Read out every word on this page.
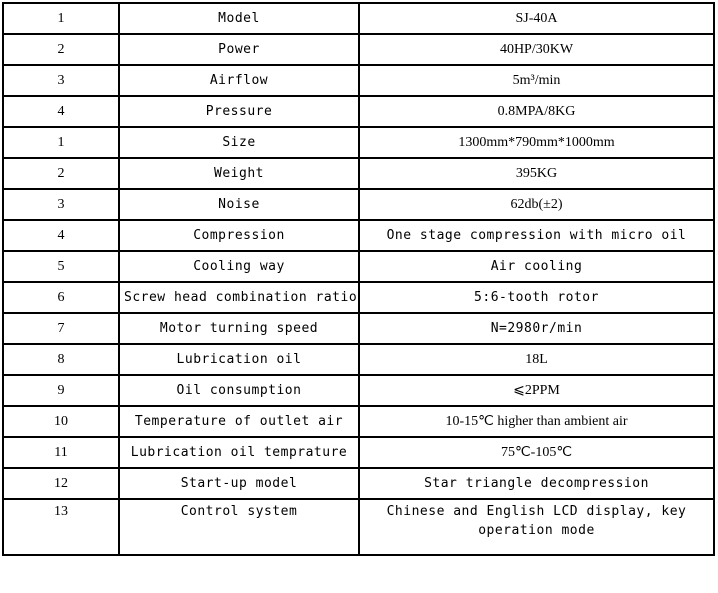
1	Model	SJ-40A
2	Power	40HP/30KW
3	Airflow	5m³/min
4	Pressure	0.8MPA/8KG
1	Size	1300mm*790mm*1000mm
2	Weight	395KG
3	Noise	62db(±2)
4	Compression	One stage compression with micro oil
5	Cooling way	Air cooling
6	Screw head combination ratio	5:6-tooth rotor
7	Motor turning speed	N=2980r/min
8	Lubrication oil	18L
9	Oil consumption	⩽2PPM
10	Temperature of outlet air	10-15℃ higher than ambient air
11	Lubrication oil temprature	75℃-105℃
12	Start-up model	Star triangle decompression
13	Control system	Chinese and English LCD display, key operation mode
